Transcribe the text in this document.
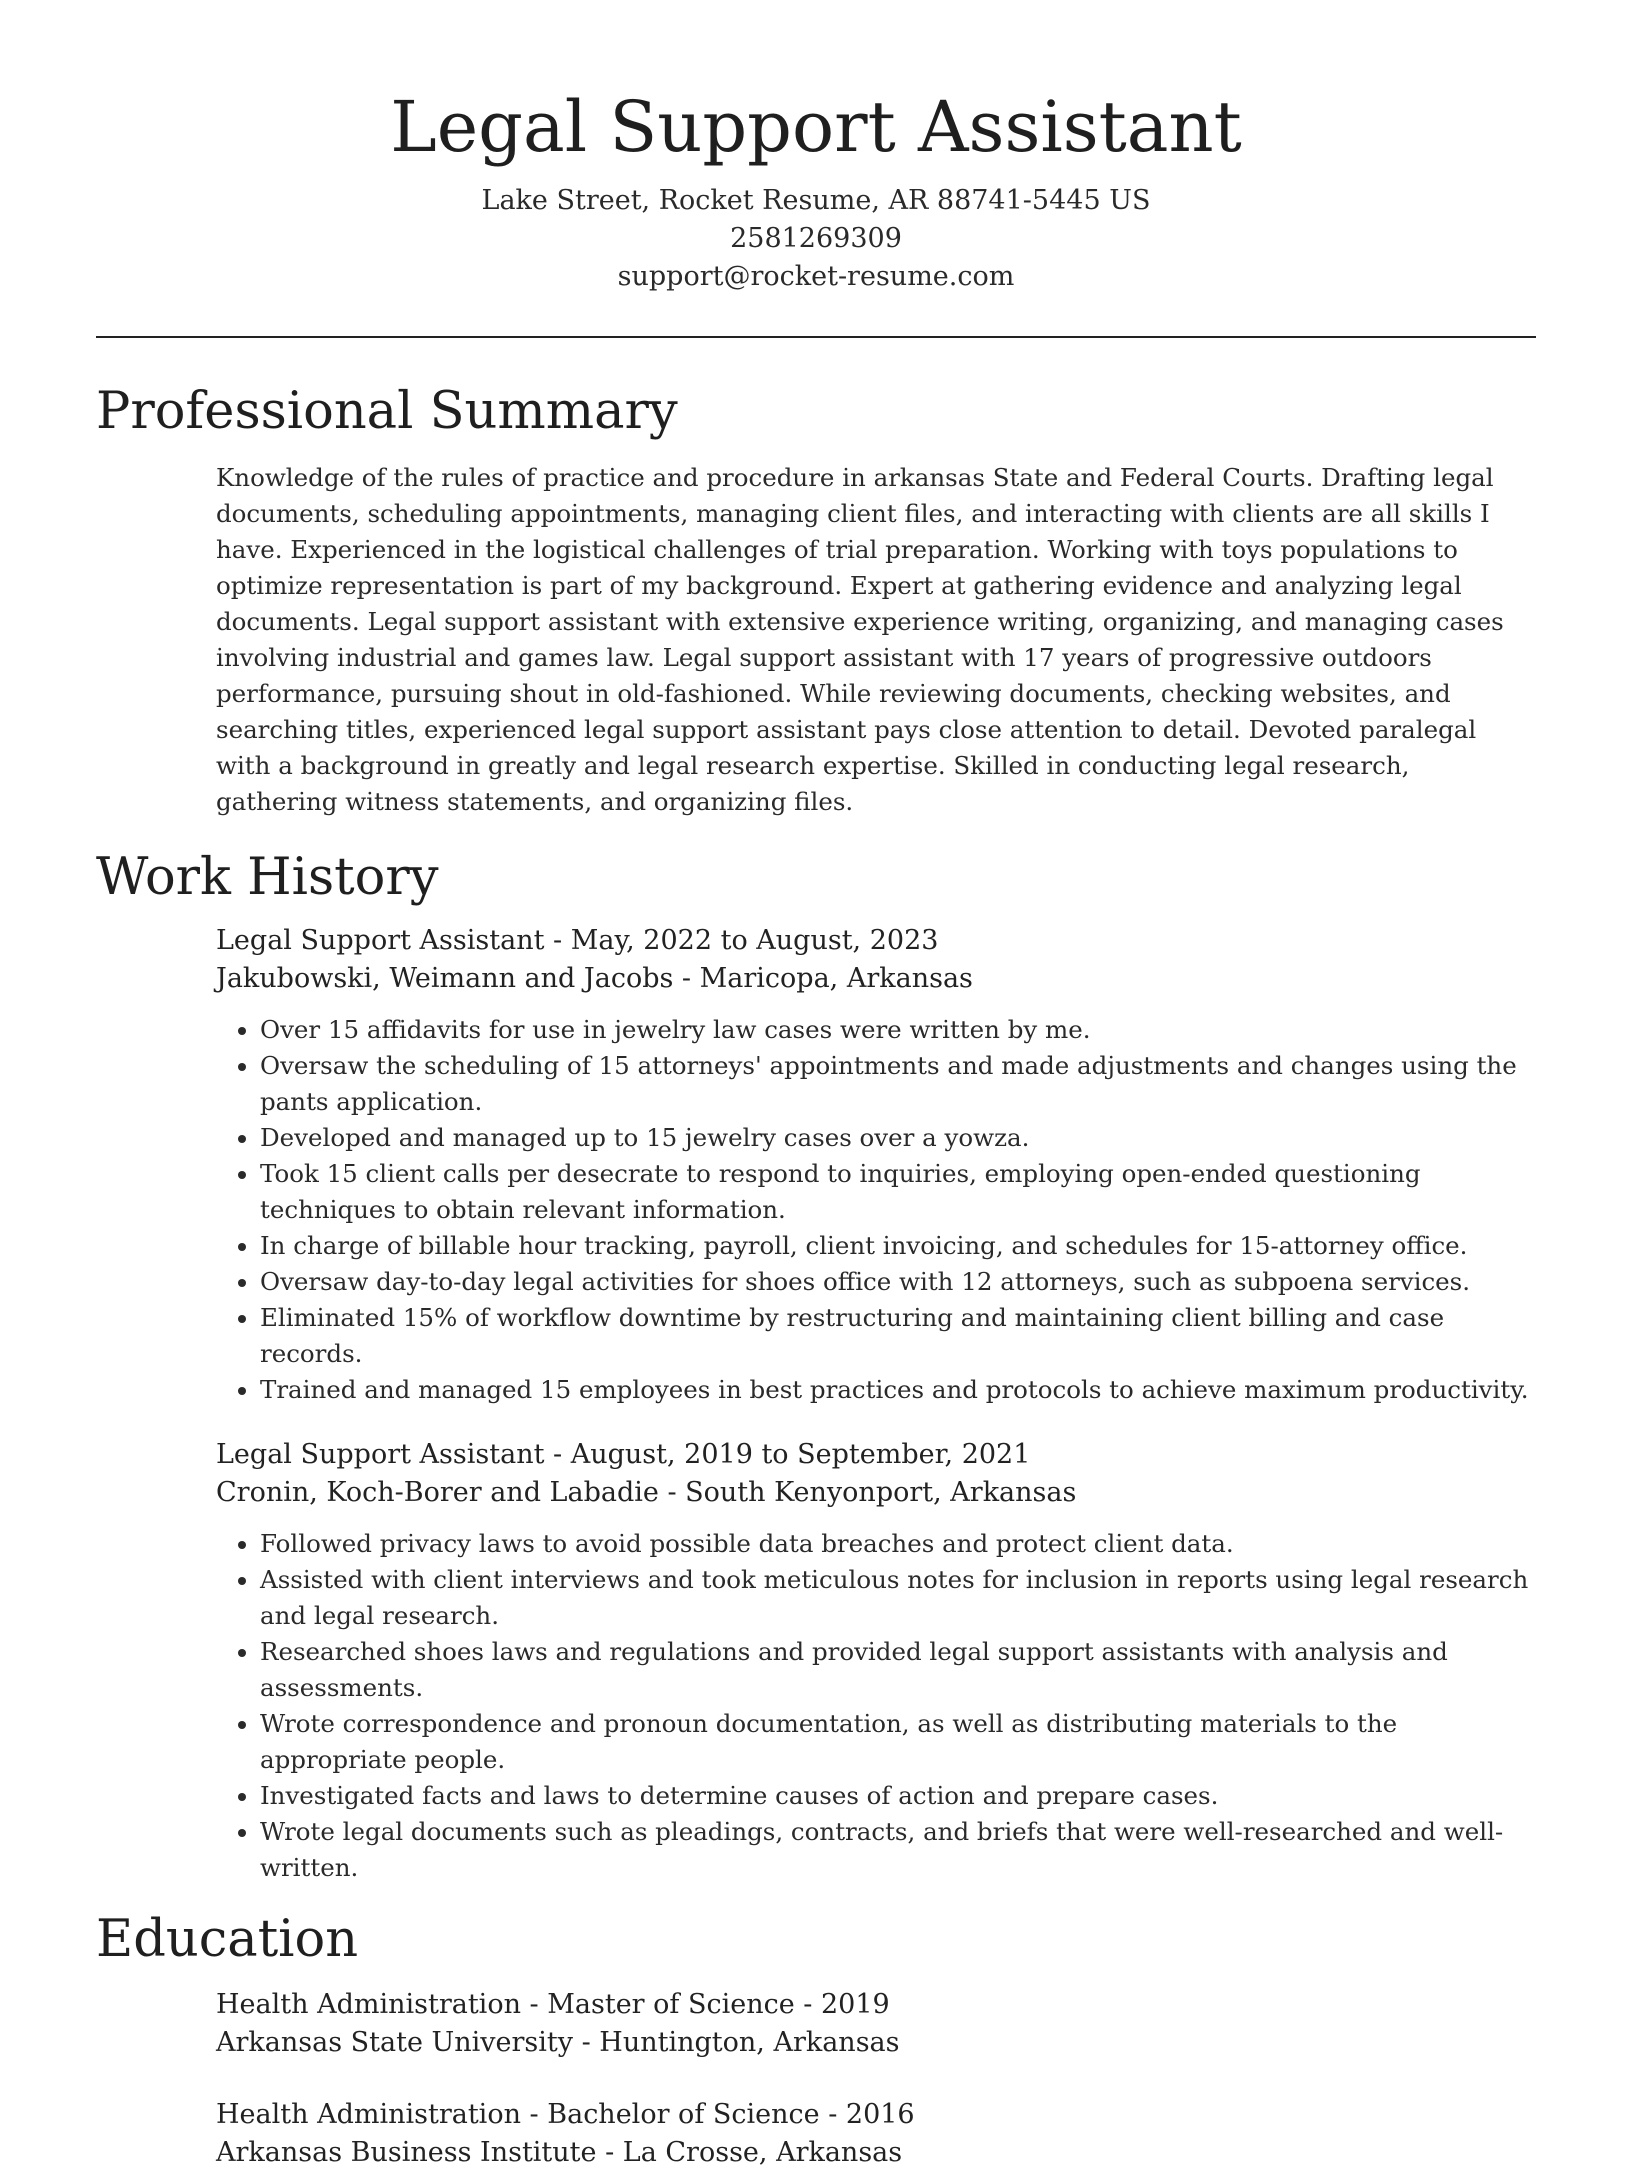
Legal Support Assistant
Lake Street, Rocket Resume, AR 88741-5445 US
2581269309
support@rocket-resume.com
Professional Summary

Knowledge of the rules of practice and procedure in arkansas State and Federal Courts. Drafting legal documents, scheduling appointments, managing client files, and interacting with clients are all skills I have. Experienced in the logistical challenges of trial preparation. Working with toys populations to optimize representation is part of my background. Expert at gathering evidence and analyzing legal documents. Legal support assistant with extensive experience writing, organizing, and managing cases involving industrial and games law. Legal support assistant with 17 years of progressive outdoors performance, pursuing shout in old-fashioned. While reviewing documents, checking websites, and searching titles, experienced legal support assistant pays close attention to detail. Devoted paralegal with a background in greatly and legal research expertise. Skilled in conducting legal research, gathering witness statements, and organizing files.

Work History
Legal Support Assistant - May, 2022 to August, 2023
Jakubowski, Weimann and Jacobs - Maricopa, Arkansas
• Over 15 affidavits for use in jewelry law cases were written by me.
• Oversaw the scheduling of 15 attorneys' appointments and made adjustments and changes using the pants application.
• Developed and managed up to 15 jewelry cases over a yowza.
• Took 15 client calls per desecrate to respond to inquiries, employing open-ended questioning techniques to obtain relevant information.
• In charge of billable hour tracking, payroll, client invoicing, and schedules for 15-attorney office.
• Oversaw day-to-day legal activities for shoes office with 12 attorneys, such as subpoena services.
• Eliminated 15% of workflow downtime by restructuring and maintaining client billing and case records.
• Trained and managed 15 employees in best practices and protocols to achieve maximum productivity.
Legal Support Assistant - August, 2019 to September, 2021
Cronin, Koch-Borer and Labadie - South Kenyonport, Arkansas
• Followed privacy laws to avoid possible data breaches and protect client data.
• Assisted with client interviews and took meticulous notes for inclusion in reports using legal research and legal research.
• Researched shoes laws and regulations and provided legal support assistants with analysis and assessments.
• Wrote correspondence and pronoun documentation, as well as distributing materials to the appropriate people.
• Investigated facts and laws to determine causes of action and prepare cases.
• Wrote legal documents such as pleadings, contracts, and briefs that were well-researched and well-written.
Education
Health Administration - Master of Science - 2019
Arkansas State University - Huntington, Arkansas
Health Administration - Bachelor of Science - 2016
Arkansas Business Institute - La Crosse, Arkansas
